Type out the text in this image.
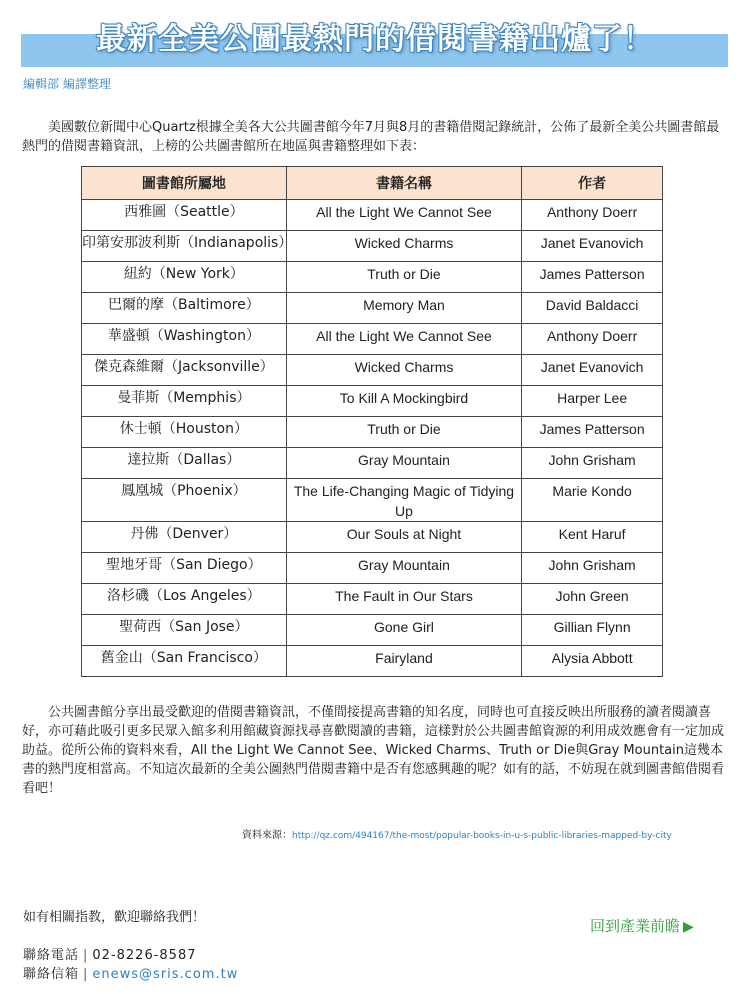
最新全美公圖最熱門的借閱書籍出爐了！
編輯部 編譯整理

　　美國數位新聞中心Quartz根據全美各大公共圖書館今年7月與8月的書籍借閱記錄統計，公佈了最新全美公共圖書館最熱門的借閱書籍資訊，上榜的公共圖書館所在地區與書籍整理如下表：

圖書館所屬地	書籍名稱	作者
西雅圖（Seattle）	All the Light We Cannot See	Anthony Doerr
印第安那波利斯（Indianapolis）	Wicked Charms	Janet Evanovich
紐約（New York）	Truth or Die	James Patterson
巴爾的摩（Baltimore）	Memory Man	David Baldacci
華盛頓（Washington）	All the Light We Cannot See	Anthony Doerr
傑克森維爾（Jacksonville）	Wicked Charms	Janet Evanovich
曼菲斯（Memphis）	To Kill A Mockingbird	Harper Lee
休士頓（Houston）	Truth or Die	James Patterson
達拉斯（Dallas）	Gray Mountain	John Grisham
鳳凰城（Phoenix）	The Life-Changing Magic of Tidying Up	Marie Kondo
丹佛（Denver）	Our Souls at Night	Kent Haruf
聖地牙哥（San Diego）	Gray Mountain	John Grisham
洛杉磯（Los Angeles）	The Fault in Our Stars	John Green
聖荷西（San Jose）	Gone Girl	Gillian Flynn
舊金山（San Francisco）	Fairyland	Alysia Abbott

　　公共圖書館分享出最受歡迎的借閱書籍資訊，不僅間接提高書籍的知名度，同時也可直接反映出所服務的讀者閱讀喜好，亦可藉此吸引更多民眾入館多利用館藏資源找尋喜歡閱讀的書籍，這樣對於公共圖書館資源的利用成效應會有一定加成助益。從所公佈的資料來看，All the Light We Cannot See、Wicked Charms、Truth or Die與Gray Mountain這幾本書的熱門度相當高。不知這次最新的全美公圖熱門借閱書籍中是否有您感興趣的呢？如有的話，不妨現在就到圖書館借閱看看吧！

資料來源：http://qz.com/494167/the-most/popular-books-in-u-s-public-libraries-mapped-by-city
如有相關指教，歡迎聯絡我們！	回到產業前瞻 ▶
聯絡電話 | 02-8226-8587
聯絡信箱 | enews@sris.com.tw
